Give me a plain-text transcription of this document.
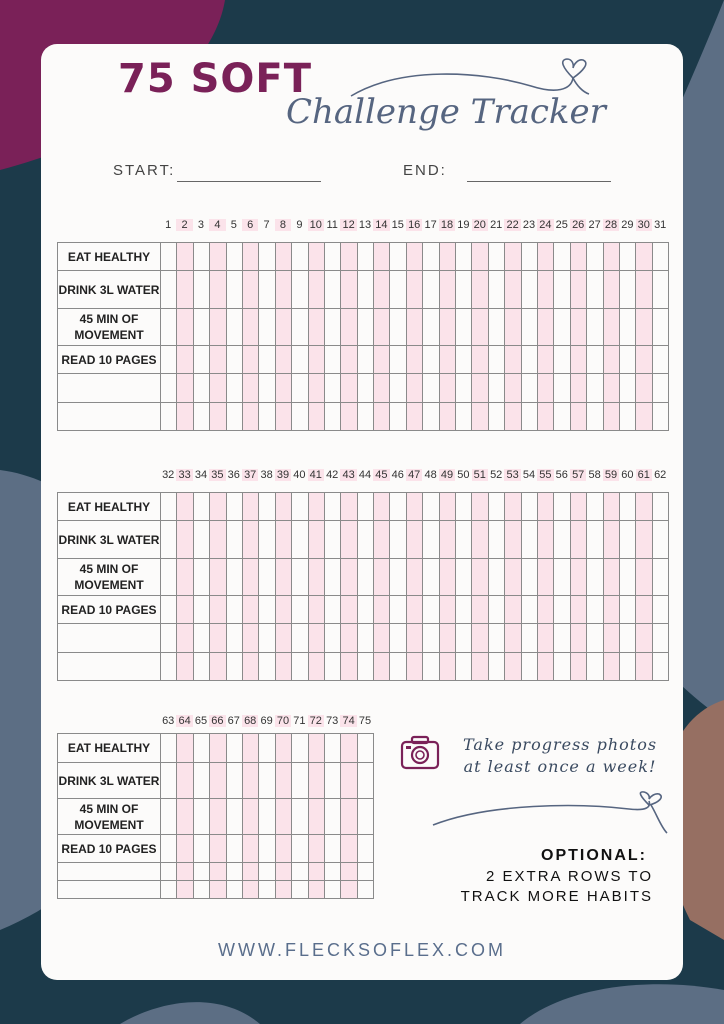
75 SOFT
Challenge Tracker
START:	END:
1 2 3 4 5 6 7 8 9 10 11 12 13 14 15 16 17 18 19 20 21 22 23 24 25 26 27 28 29 30 31
EAT HEALTHY																															
DRINK 3L WATER																															
45 MIN OF MOVEMENT																															
READ 10 PAGES																															

32 33 34 35 36 37 38 39 40 41 42 43 44 45 46 47 48 49 50 51 52 53 54 55 56 57 58 59 60 61 62
EAT HEALTHY																															
DRINK 3L WATER																															
45 MIN OF MOVEMENT																															
READ 10 PAGES																															

63 64 65 66 67 68 69 70 71 72 73 74 75
EAT HEALTHY													
DRINK 3L WATER													
45 MIN OF MOVEMENT													
READ 10 PAGES													

Take progress photos
at least once a week!
OPTIONAL:
2 EXTRA ROWS TO
TRACK MORE HABITS
WWW.FLECKSOFLEX.COM
